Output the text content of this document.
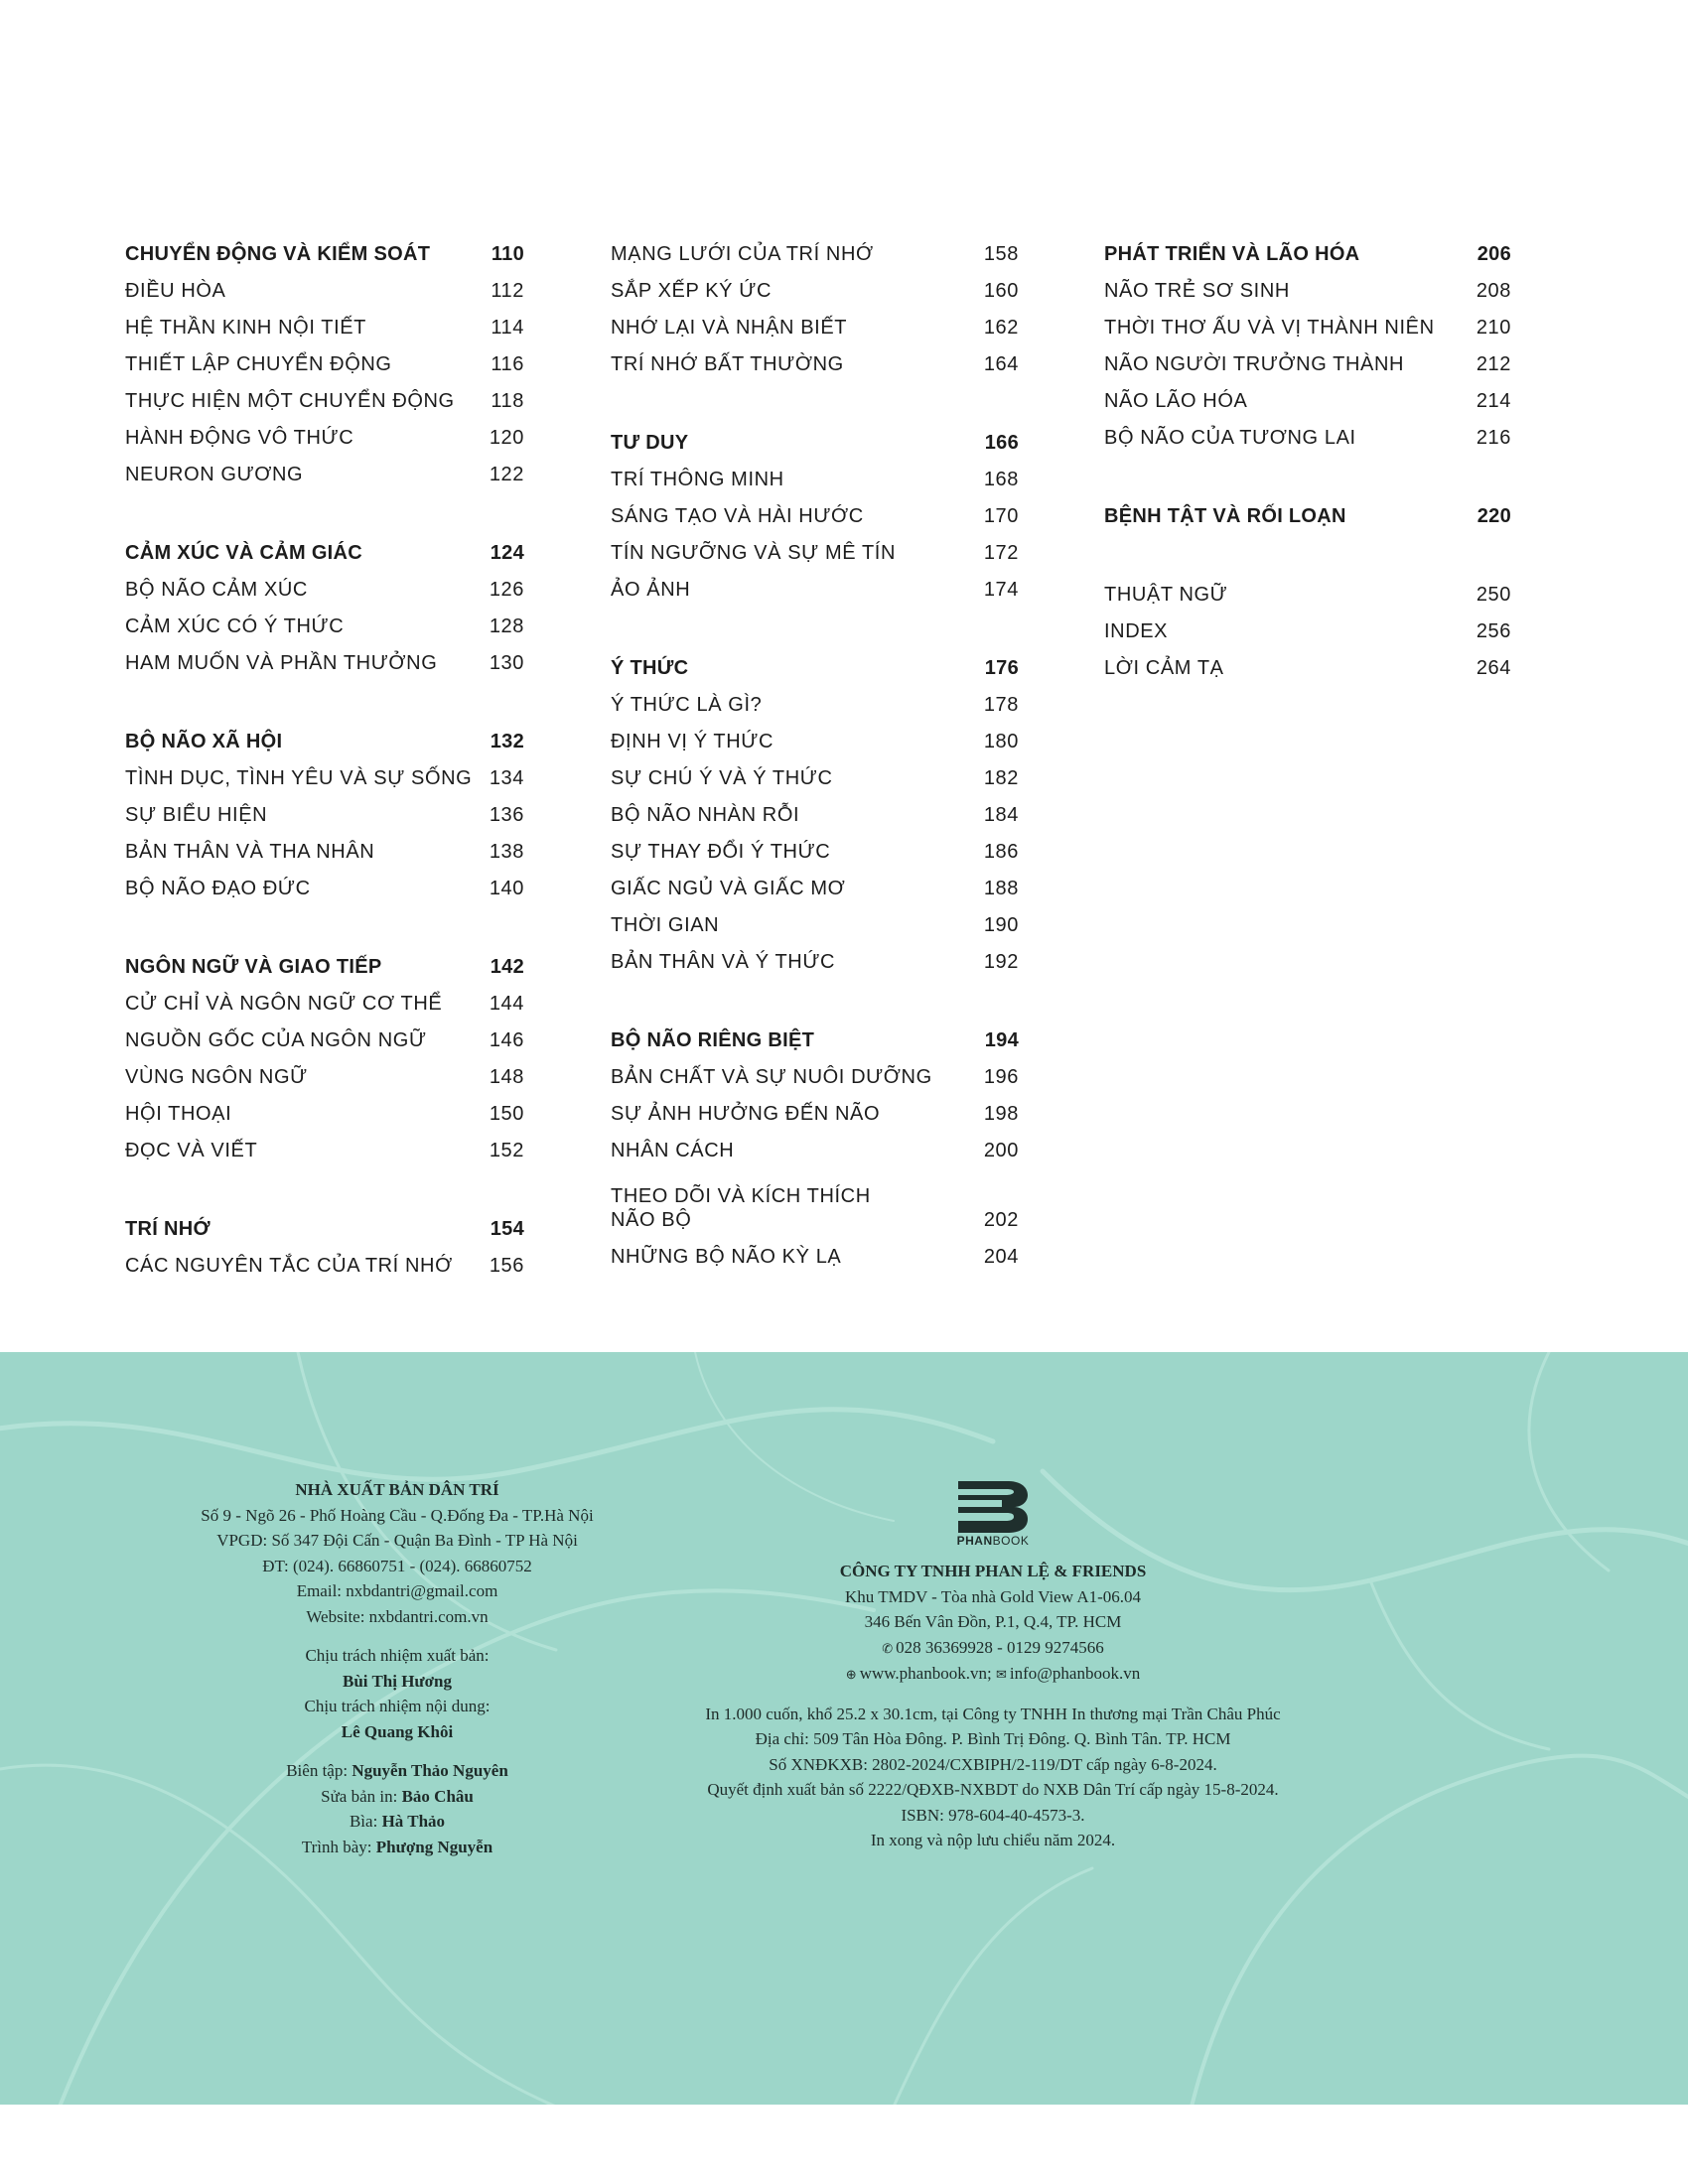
CHUYỂN ĐỘNG VÀ KIỂM SOÁT	110
ĐIỀU HÒA	112
HỆ THẦN KINH NỘI TIẾT	114
THIẾT LẬP CHUYỂN ĐỘNG	116
THỰC HIỆN MỘT CHUYỂN ĐỘNG	118
HÀNH ĐỘNG VÔ THỨC	120
NEURON GƯƠNG	122
CẢM XÚC VÀ CẢM GIÁC	124
BỘ NÃO CẢM XÚC	126
CẢM XÚC CÓ Ý THỨC	128
HAM MUỐN VÀ PHẦN THƯỞNG	130
BỘ NÃO XÃ HỘI	132
TÌNH DỤC, TÌNH YÊU VÀ SỰ SỐNG 134
SỰ BIỂU HIỆN	136
BẢN THÂN VÀ THA NHÂN	138
BỘ NÃO ĐẠO ĐỨC	140
NGÔN NGỮ VÀ GIAO TIẾP	142
CỬ CHỈ VÀ NGÔN NGỮ CƠ THỂ 144
NGUỒN GỐC CỦA NGÔN NGỮ	146
VÙNG NGÔN NGỮ	148
HỘI THOẠI	150
ĐỌC VÀ VIẾT	152
TRÍ NHỚ	154
CÁC NGUYÊN TẮC CỦA TRÍ NHỚ 156
MẠNG LƯỚI CỦA TRÍ NHỚ	158
SẮP XẾP KÝ ỨC	160
NHỚ LẠI VÀ NHẬN BIẾT	162
TRÍ NHỚ BẤT THƯỜNG	164
TƯ DUY	166
TRÍ THÔNG MINH	168
SÁNG TẠO VÀ HÀI HƯỚC	170
TÍN NGƯỠNG VÀ SỰ MÊ TÍN	172
ẢO ẢNH	174
Ý THỨC	176
Ý THỨC LÀ GÌ?	178
ĐỊNH VỊ Ý THỨC	180
SỰ CHÚ Ý VÀ Ý THỨC	182
BỘ NÃO NHÀN RỖI	184
SỰ THAY ĐỔI Ý THỨC	186
GIẤC NGỦ VÀ GIẤC MƠ	188
THỜI GIAN	190
BẢN THÂN VÀ Ý THỨC	192
BỘ NÃO RIÊNG BIỆT	194
BẢN CHẤT VÀ SỰ NUÔI DƯỠNG	196
SỰ ẢNH HƯỞNG ĐẾN NÃO	198
NHÂN CÁCH	200
THEO DÕI VÀ KÍCH THÍCH NÃO BỘ	202
NHỮNG BỘ NÃO KỲ LẠ	204
PHÁT TRIỂN VÀ LÃO HÓA	206
NÃO TRẺ SƠ SINH	208
THỜI THƠ ẤU VÀ VỊ THÀNH NIÊN 210
NÃO NGƯỜI TRƯỞNG THÀNH	212
NÃO LÃO HÓA	214
BỘ NÃO CỦA TƯƠNG LAI	216
BỆNH TẬT VÀ RỐI LOẠN	220
THUẬT NGỮ	250
INDEX	256
LỜI CẢM TẠ	264
NHÀ XUẤT BẢN DÂN TRÍ
Số 9 - Ngõ 26 - Phố Hoàng Cầu - Q.Đống Đa - TP.Hà Nội
VPGD: Số 347 Đội Cấn - Quận Ba Đình - TP Hà Nội
ĐT: (024). 66860751 - (024). 66860752
Email: nxbdantri@gmail.com
Website: nxbdantri.com.vn
Chịu trách nhiệm xuất bản:
Bùi Thị Hương
Chịu trách nhiệm nội dung:
Lê Quang Khôi
Biên tập: Nguyễn Thảo Nguyên
Sửa bản in: Bảo Châu
Bìa: Hà Thảo
Trình bày: Phượng Nguyễn
PHANBOOK
CÔNG TY TNHH PHAN LỆ & FRIENDS
Khu TMDV - Tòa nhà Gold View A1-06.04
346 Bến Vân Đồn, P.1, Q.4, TP. HCM
✆ 028 36369928 - 0129 9274566
⊕ www.phanbook.vn; ✉ info@phanbook.vn
In 1.000 cuốn, khổ 25.2 x 30.1cm, tại Công ty TNHH In thương mại Trần Châu Phúc
Địa chỉ: 509 Tân Hòa Đông. P. Bình Trị Đông. Q. Bình Tân. TP. HCM
Số XNĐKXB: 2802-2024/CXBIPH/2-119/DT cấp ngày 6-8-2024.
Quyết định xuất bản số 2222/QĐXB-NXBDT do NXB Dân Trí cấp ngày 15-8-2024.
ISBN: 978-604-40-4573-3.
In xong và nộp lưu chiểu năm 2024.
